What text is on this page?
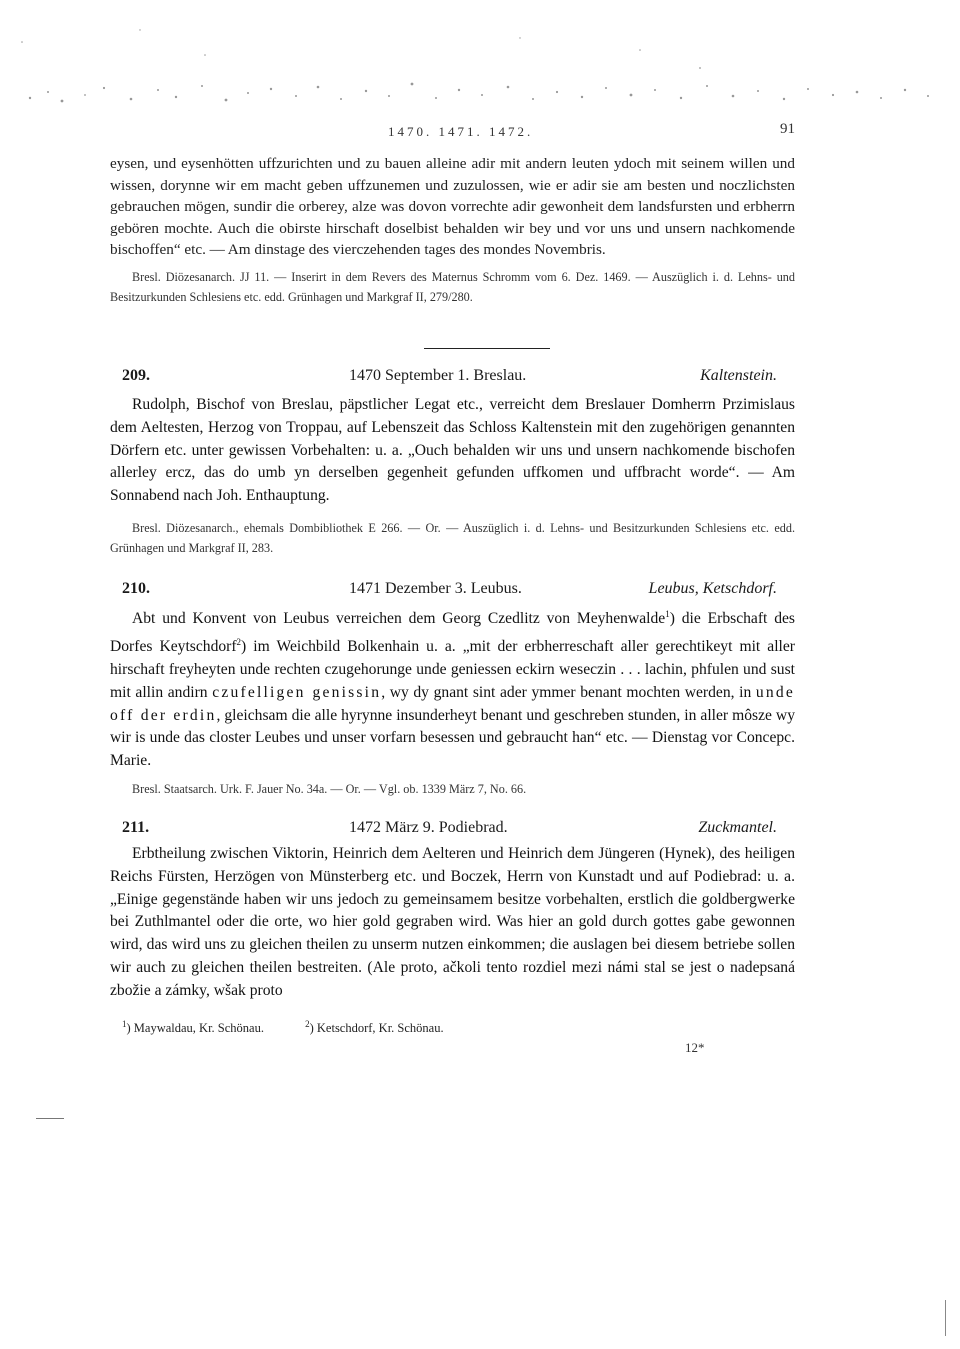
1470. 1471. 1472.	91

eysen, und eysenhötten uffzurichten und zu bauen alleine adir mit andern leuten ydoch mit seinem willen und wissen, dorynne wir em macht geben uffzunemen und zuzulossen, wie er adir sie am besten und noczlichsten gebrauchen mögen, sundir die orberey, alze was dovon vorrechte adir gewonheit dem landsfursten und erbherrn gebören mochte. Auch die obirste hirschaft doselbist behalden wir bey und vor uns und unsern nachkomende bischoffen“ etc. — Am dinstage des vierczehenden tages des mondes Novembris.

Bresl. Diözesanarch. JJ 11. — Inserirt in dem Revers des Maternus Schromm vom 6. Dez. 1469. — Auszüglich i. d. Lehns- und Besitzurkunden Schlesiens etc. edd. Grünhagen und Markgraf II, 279/280.

209.	1470 September 1. Breslau.	Kaltenstein.

Rudolph, Bischof von Breslau, päpstlicher Legat etc., verreicht dem Breslauer Domherrn Przimislaus dem Aeltesten, Herzog von Troppau, auf Lebenszeit das Schloss Kaltenstein mit den zugehörigen genannten Dörfern etc. unter gewissen Vorbehalten: u. a. „Ouch behalden wir uns und unsern nachkomende bischofen allerley ercz, das do umb yn derselben gegenheit gefunden uffkomen und uffbracht worde“. — Am Sonnabend nach Joh. Enthauptung.

Bresl. Diözesanarch., ehemals Dombibliothek E 266. — Or. — Auszüglich i. d. Lehns- und Besitzurkunden Schlesiens etc. edd. Grünhagen und Markgraf II, 283.

210.	1471 Dezember 3. Leubus.	Leubus, Ketschdorf.

Abt und Konvent von Leubus verreichen dem Georg Czedlitz von Meyhenwalde$^1$) die Erbschaft des Dorfes Keytschdorf$^2$) im Weichbild Bolkenhain u. a. „mit der erbherreschaft aller gerechtikeyt mit aller hirschaft freyheyten unde rechten czugehorunge unde geniessen eckirn weseczin . . . lachin, phfulen und sust mit allin andirn czufelligen genissin, wy dy gnant sint ader ymmer benant mochten werden, in unde off der erdin, gleichsam die alle hyrynne insunderheyt benant und geschreben stunden, in aller môsze wy wir is unde das closter Leubes und unser vorfarn besessen und gebraucht han“ etc. — Dienstag vor Concepc. Marie.

Bresl. Staatsarch. Urk. F. Jauer No. 34a. — Or. — Vgl. ob. 1339 März 7, No. 66.

211.	1472 März 9. Podiebrad.	Zuckmantel.

Erbtheilung zwischen Viktorin, Heinrich dem Aelteren und Heinrich dem Jüngeren (Hynek), des heiligen Reichs Fürsten, Herzögen von Münsterberg etc. und Boczek, Herrn von Kunstadt und auf Podiebrad: u. a. „Einige gegenstände haben wir uns jedoch zu gemeinsamem besitze vorbehalten, erstlich die goldbergwerke bei Zuthlmantel oder die orte, wo hier gold gegraben wird. Was hier an gold durch gottes gabe gewonnen wird, das wird uns zu gleichen theilen zu unserm nutzen einkommen; die auslagen bei diesem betriebe sollen wir auch zu gleichen theilen bestreiten. (Ale proto, ačkoli tento rozdiel mezi námi stal se jest o nadepsaná zbožie a zámky, wšak proto

$^1$) Maywaldau, Kr. Schönau.	$^2$) Ketschdorf, Kr. Schönau.
12*
